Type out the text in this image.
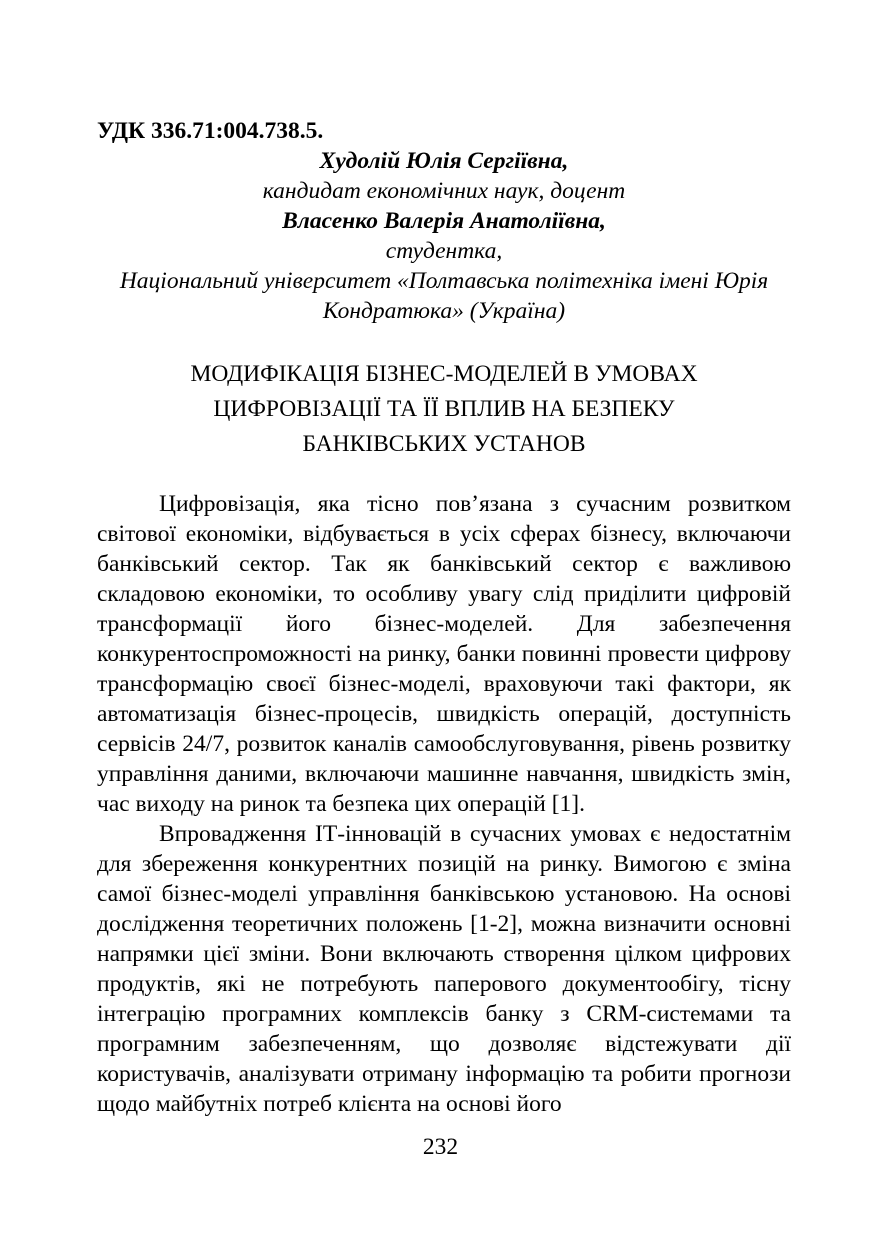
УДК 336.71:004.738.5.
Худолій Юлія Сергіївна,
кандидат економічних наук, доцент
Власенко Валерія Анатоліївна,
студентка,
Національний університет «Полтавська політехніка імені Юрія Кондратюка» (Україна)
МОДИФІКАЦІЯ БІЗНЕС-МОДЕЛЕЙ В УМОВАХ ЦИФРОВІЗАЦІЇ ТА ЇЇ ВПЛИВ НА БЕЗПЕКУ БАНКІВСЬКИХ УСТАНОВ

Цифровізація, яка тісно пов’язана з сучасним розвитком світової економіки, відбувається в усіх сферах бізнесу, включаючи банківський сектор. Так як банківський сектор є важливою складовою економіки, то особливу увагу слід приділити цифровій трансформації його бізнес-моделей. Для забезпечення конкурентоспроможності на ринку, банки повинні провести цифрову трансформацію своєї бізнес-моделі, враховуючи такі фактори, як автоматизація бізнес-процесів, швидкість операцій, доступність сервісів 24/7, розвиток каналів самообслуговування, рівень розвитку управління даними, включаючи машинне навчання, швидкість змін, час виходу на ринок та безпека цих операцій [1].

Впровадження ІТ-інновацій в сучасних умовах є недостатнім для збереження конкурентних позицій на ринку. Вимогою є зміна самої бізнес-моделі управління банківською установою. На основі дослідження теоретичних положень [1-2], можна визначити основні напрямки цієї зміни. Вони включають створення цілком цифрових продуктів, які не потребують паперового документообігу, тісну інтеграцію програмних комплексів банку з CRM-системами та програмним забезпеченням, що дозволяє відстежувати дії користувачів, аналізувати отриману інформацію та робити прогнози щодо майбутніх потреб клієнта на основі його

232
